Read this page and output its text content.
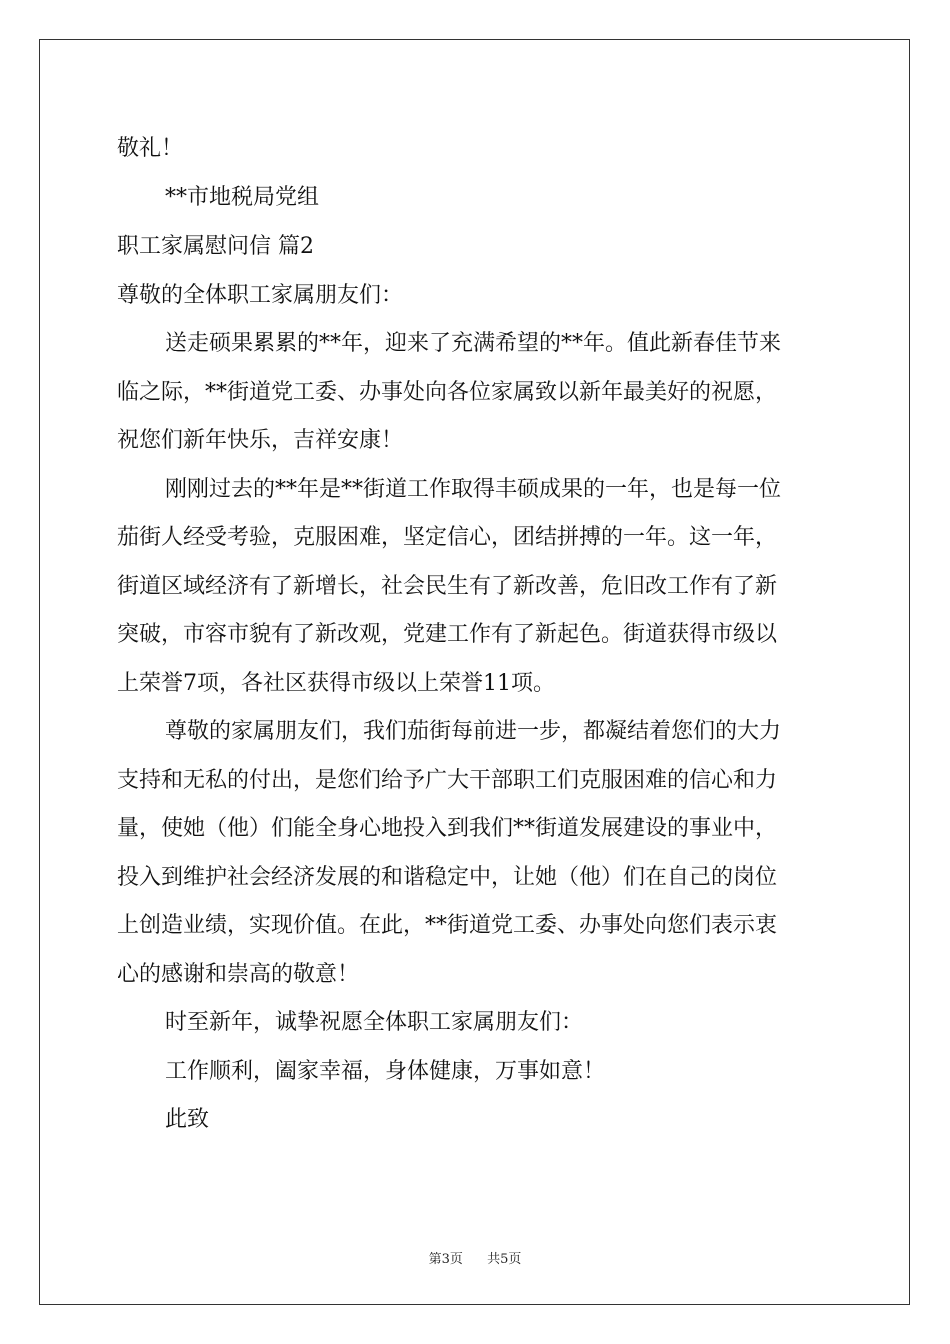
敬礼！
**市地税局党组
职工家属慰问信 篇2
尊敬的全体职工家属朋友们：
送走硕果累累的**年，迎来了充满希望的**年。值此新春佳节来
临之际，**街道党工委、办事处向各位家属致以新年最美好的祝愿，
祝您们新年快乐，吉祥安康！
刚刚过去的**年是**街道工作取得丰硕成果的一年，也是每一位
茄街人经受考验，克服困难，坚定信心，团结拼搏的一年。这一年，
街道区域经济有了新增长，社会民生有了新改善，危旧改工作有了新
突破，市容市貌有了新改观，党建工作有了新起色。街道获得市级以
上荣誉7项，各社区获得市级以上荣誉11项。
尊敬的家属朋友们，我们茄街每前进一步，都凝结着您们的大力
支持和无私的付出，是您们给予广大干部职工们克服困难的信心和力
量，使她（他）们能全身心地投入到我们**街道发展建设的事业中，
投入到维护社会经济发展的和谐稳定中，让她（他）们在自己的岗位
上创造业绩，实现价值。在此，**街道党工委、办事处向您们表示衷
心的感谢和崇高的敬意！
时至新年，诚挚祝愿全体职工家属朋友们：
工作顺利，阖家幸福，身体健康，万事如意！
此致
第3页 共5页
